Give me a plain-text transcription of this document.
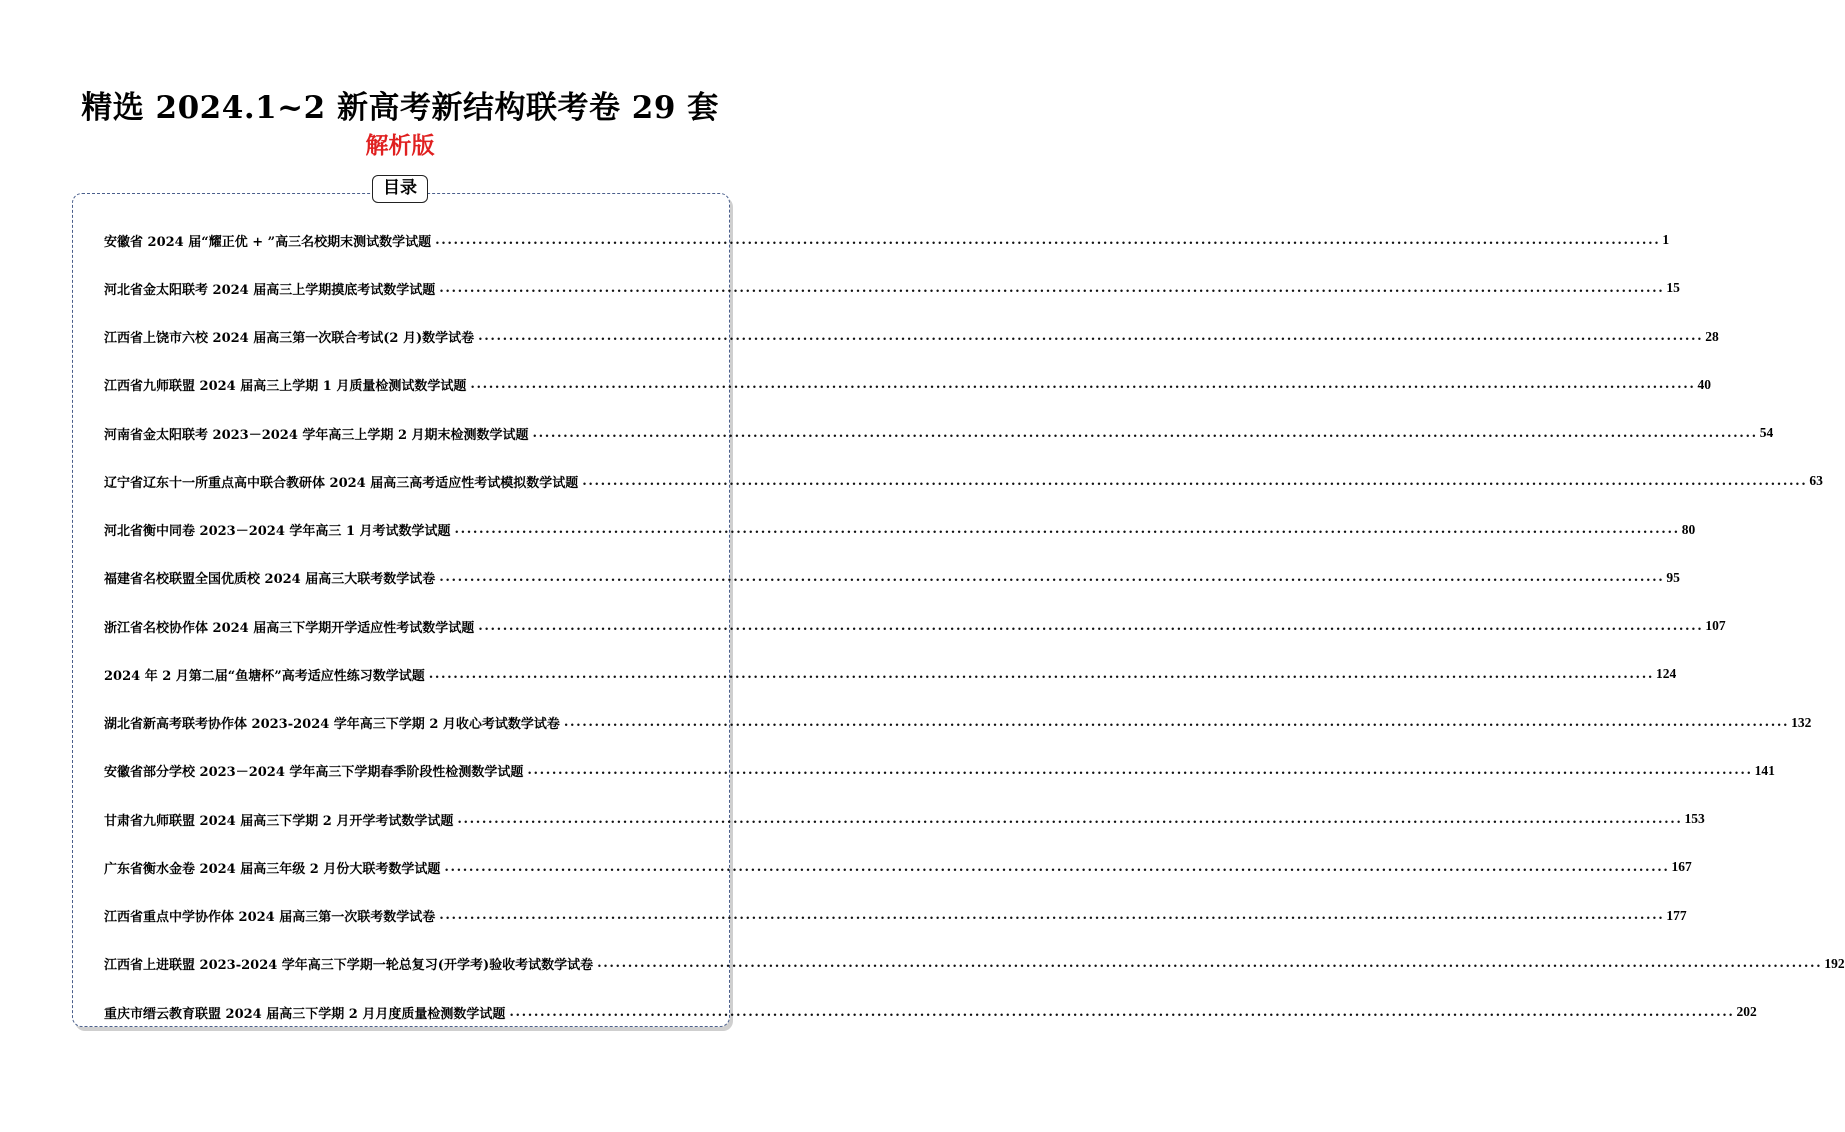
精选 2024.1~2 新高考新结构联考卷 29 套
解析版
目录
安徽省 2024 届“耀正优 + ”高三名校期末测试数学试题 ........................................................................................................................................................................................................ 1
河北省金太阳联考 2024 届高三上学期摸底考试数学试题 ........................................................................................................................................................................................................ 15
江西省上饶市六校 2024 届高三第一次联合考试(2 月)数学试卷 ........................................................................................................................................................................................................ 28
江西省九师联盟 2024 届高三上学期 1 月质量检测试数学试题 ........................................................................................................................................................................................................ 40
河南省金太阳联考 2023－2024 学年高三上学期 2 月期末检测数学试题 ........................................................................................................................................................................................................ 54
辽宁省辽东十一所重点高中联合教研体 2024 届高三高考适应性考试模拟数学试题 ........................................................................................................................................................................................................ 63
河北省衡中同卷 2023－2024 学年高三 1 月考试数学试题 ........................................................................................................................................................................................................ 80
福建省名校联盟全国优质校 2024 届高三大联考数学试卷 ........................................................................................................................................................................................................ 95
浙江省名校协作体 2024 届高三下学期开学适应性考试数学试题 ........................................................................................................................................................................................................ 107
2024 年 2 月第二届“鱼塘杯”高考适应性练习数学试题 ........................................................................................................................................................................................................ 124
湖北省新高考联考协作体 2023-2024 学年高三下学期 2 月收心考试数学试卷 ........................................................................................................................................................................................................ 132
安徽省部分学校 2023－2024 学年高三下学期春季阶段性检测数学试题 ........................................................................................................................................................................................................ 141
甘肃省九师联盟 2024 届高三下学期 2 月开学考试数学试题 ........................................................................................................................................................................................................ 153
广东省衡水金卷 2024 届高三年级 2 月份大联考数学试题 ........................................................................................................................................................................................................ 167
江西省重点中学协作体 2024 届高三第一次联考数学试卷 ........................................................................................................................................................................................................ 177
江西省上进联盟 2023-2024 学年高三下学期一轮总复习(开学考)验收考试数学试卷 ........................................................................................................................................................................................................ 192
重庆市缙云教育联盟 2024 届高三下学期 2 月月度质量检测数学试题 ........................................................................................................................................................................................................ 202
